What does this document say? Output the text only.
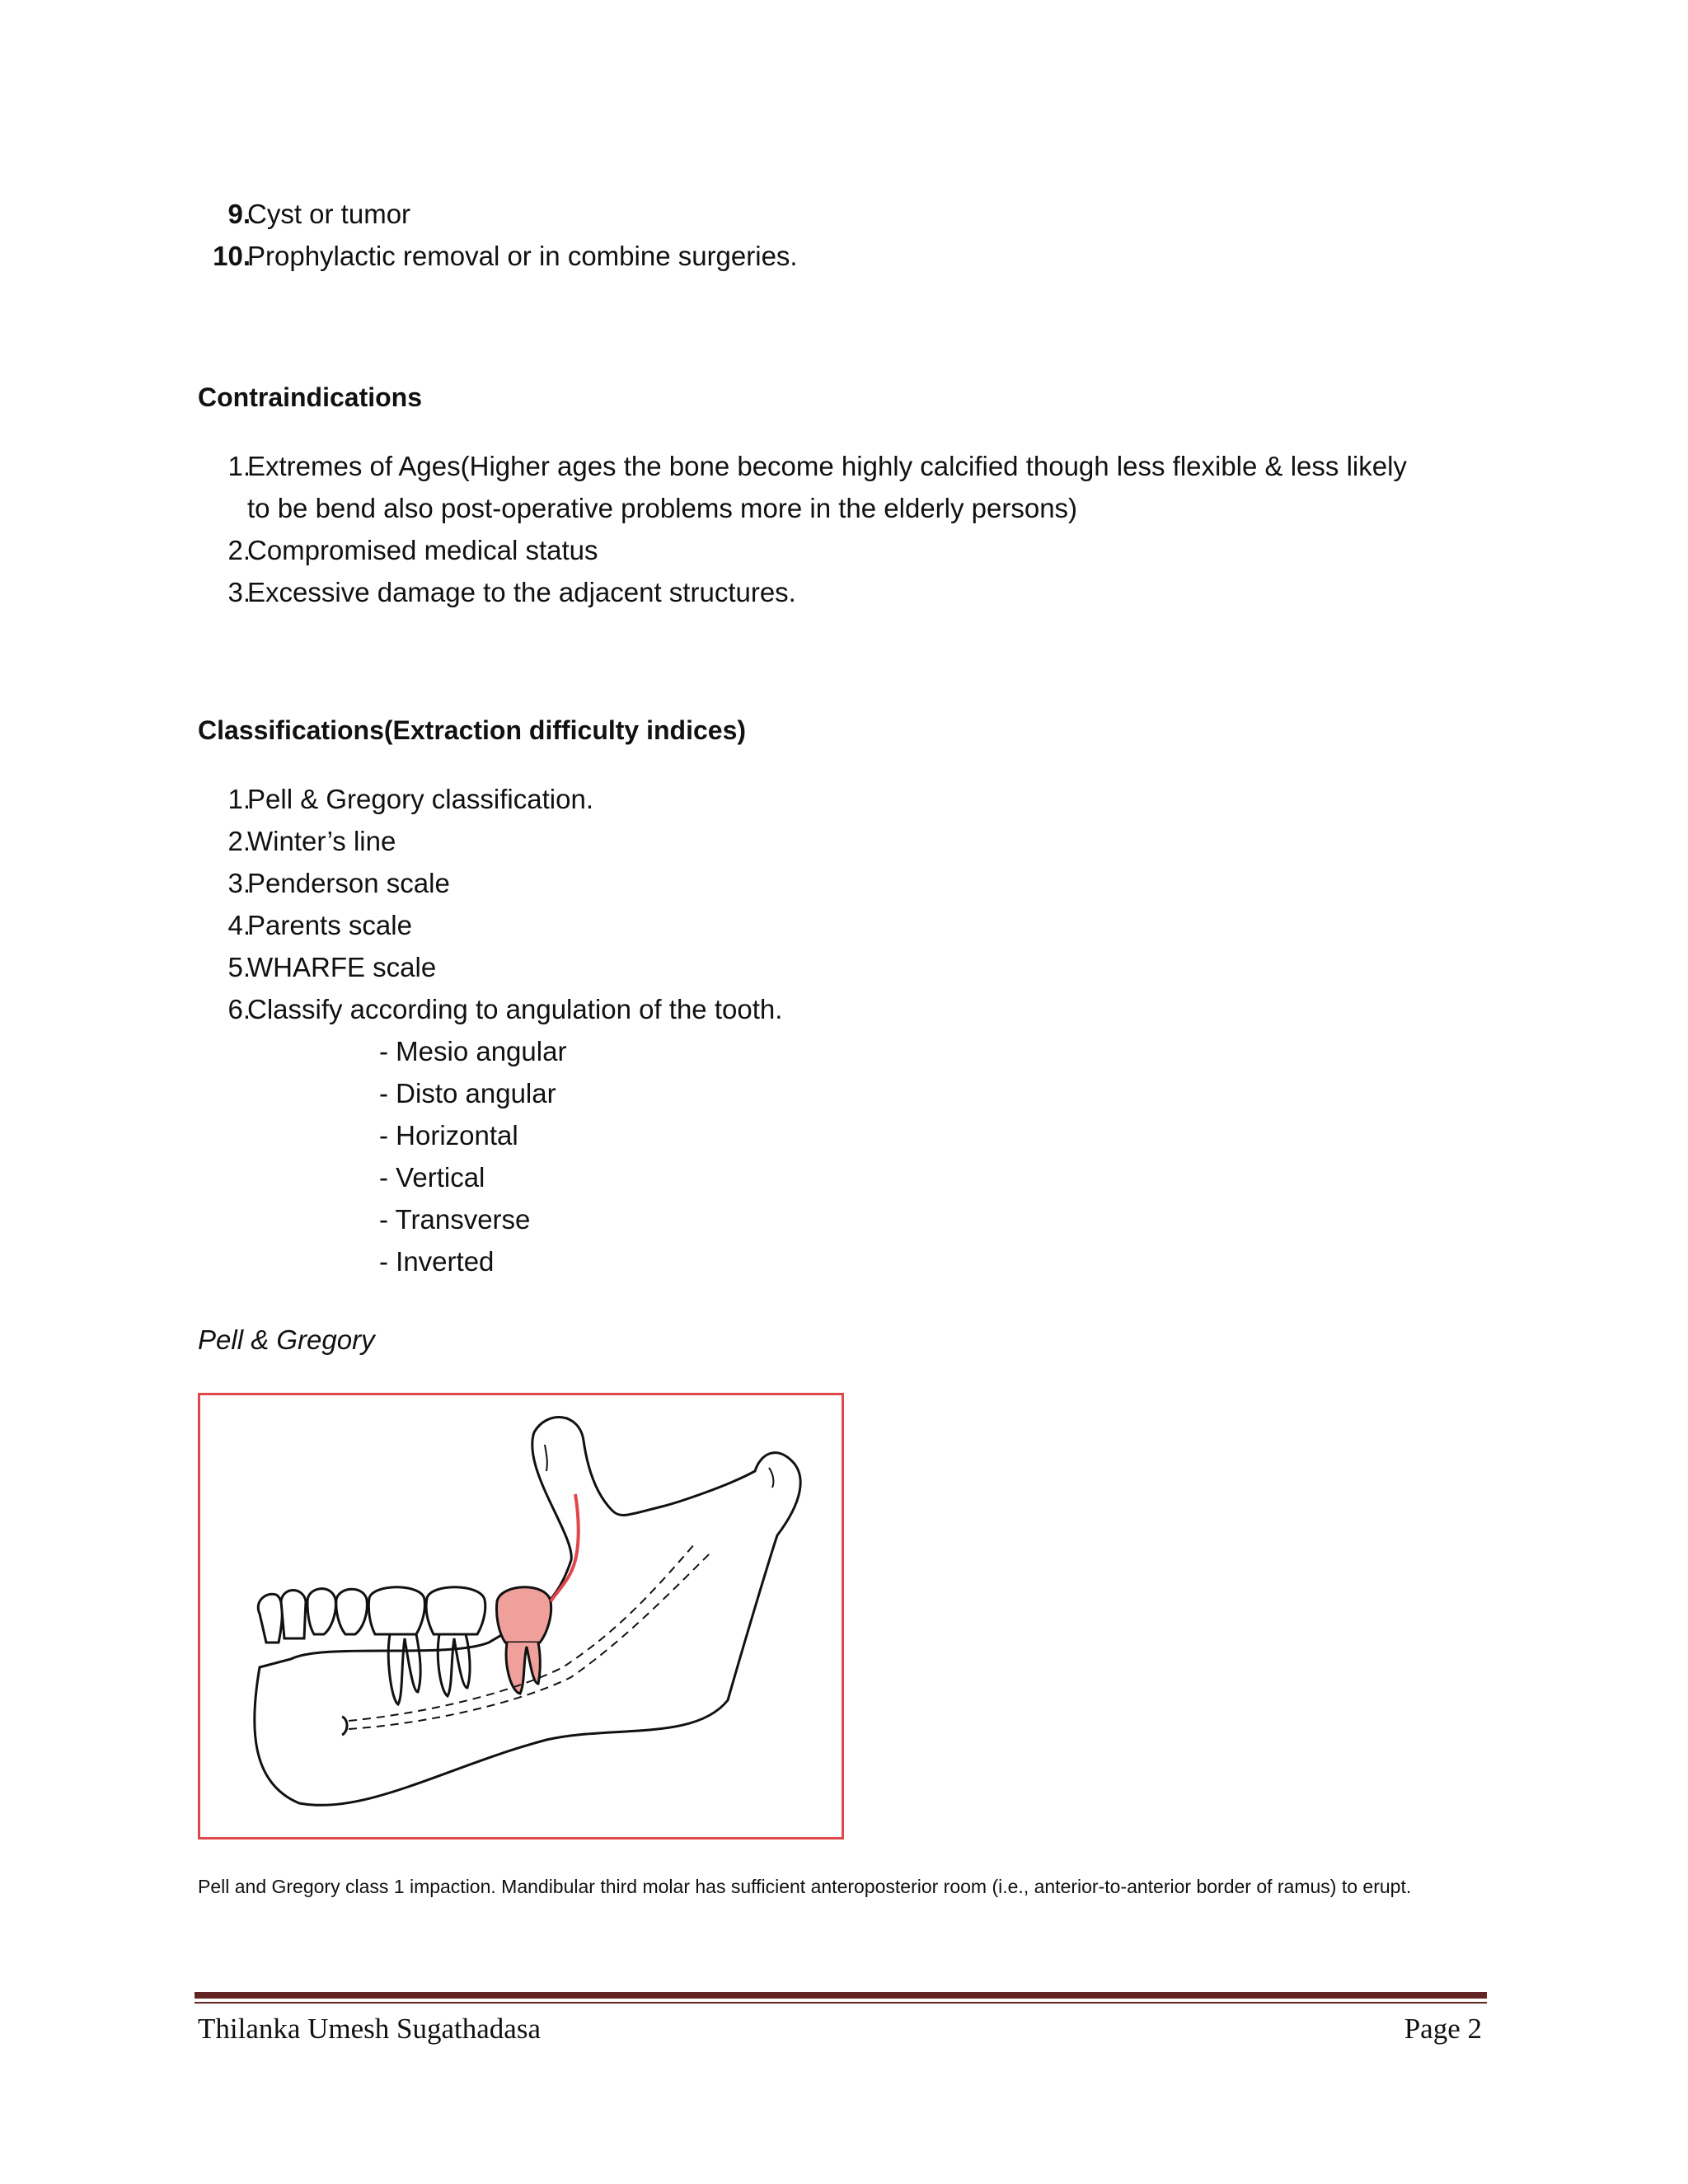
9.
Cyst or tumor
10.
Prophylactic removal or in combine surgeries.
Contraindications
1.
Extremes of Ages(Higher ages the bone become highly calcified though less flexible & less likely
to be bend also post-operative problems more in the elderly persons)
2.
Compromised medical status
3.
Excessive damage to the adjacent structures.
Classifications(Extraction difficulty indices)
1.
Pell & Gregory classification.
2.
Winter’s line
3.
Penderson scale
4.
Parents scale
5.
WHARFE scale
6.
Classify according to angulation of the tooth.
- Mesio angular
- Disto angular
- Horizontal
- Vertical
- Transverse
- Inverted
Pell & Gregory
Pell and Gregory class 1 impaction. Mandibular third molar has sufficient anteroposterior room (i.e., anterior-to-anterior border of ramus) to erupt.
Thilanka Umesh Sugathadasa	Page 2
